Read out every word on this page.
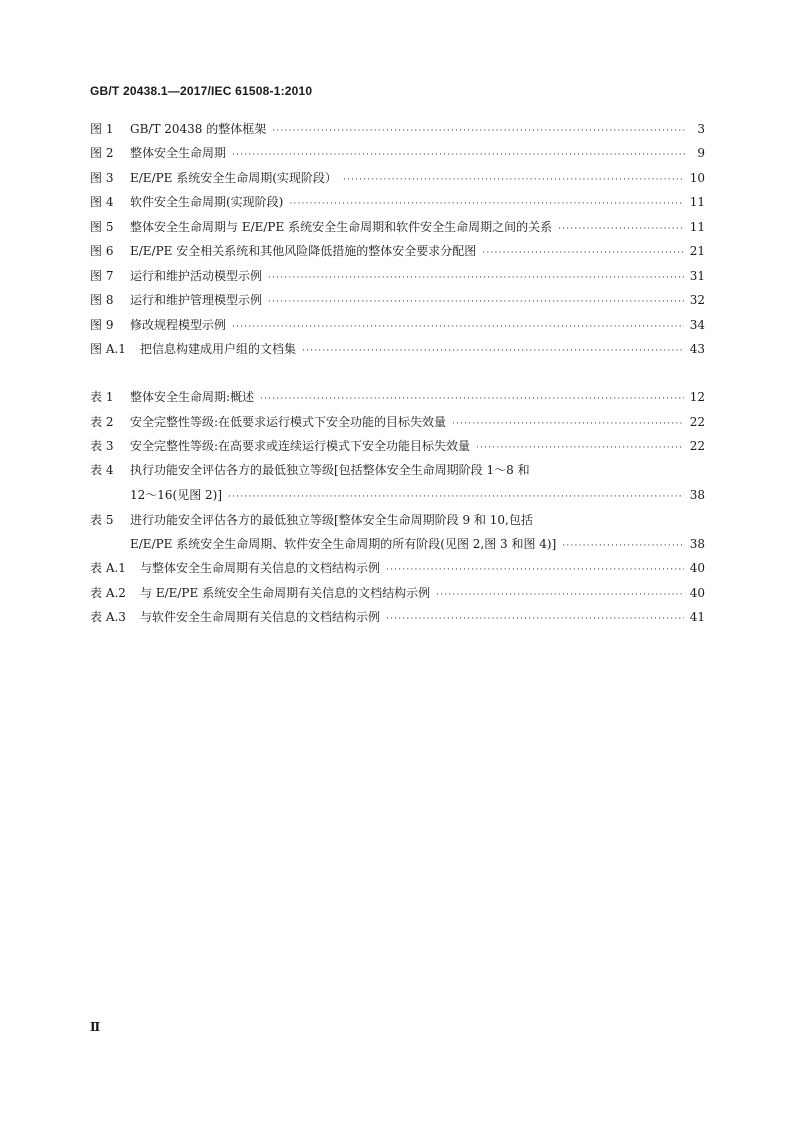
GB/T 20438.1—2017/IEC 61508-1:2010
图 1	GB/T 20438 的整体框架 ·····	3
图 2	整体安全生命周期 ·····	9
图 3	E/E/PE 系统安全生命周期(实现阶段） ·····	10
图 4	软件安全生命周期(实现阶段) ·····	11
图 5	整体安全生命周期与 E/E/PE 系统安全生命周期和软件安全生命周期之间的关系 ·····	11
图 6	E/E/PE 安全相关系统和其他风险降低措施的整体安全要求分配图 ·····	21
图 7	运行和维护活动模型示例 ·····	31
图 8	运行和维护管理模型示例 ·····	32
图 9	修改规程模型示例 ·····	34
图 A.1	把信息构建成用户组的文档集 ·····	43
表 1	整体安全生命周期:概述 ·····	12
表 2	安全完整性等级:在低要求运行模式下安全功能的目标失效量 ·····	22
表 3	安全完整性等级:在高要求或连续运行模式下安全功能目标失效量 ·····	22
表 4	执行功能安全评估各方的最低独立等级[包括整体安全生命周期阶段 1～8 和
12～16(见图 2)] ·····	38
表 5	进行功能安全评估各方的最低独立等级[整体安全生命周期阶段 9 和 10,包括
E/E/PE 系统安全生命周期、软件安全生命周期的所有阶段(见图 2,图 3 和图 4)] ·····	38
表 A.1	与整体安全生命周期有关信息的文档结构示例 ·····	40
表 A.2	与 E/E/PE 系统安全生命周期有关信息的文档结构示例 ·····	40
表 A.3	与软件安全生命周期有关信息的文档结构示例 ·····	41
Ⅱ
